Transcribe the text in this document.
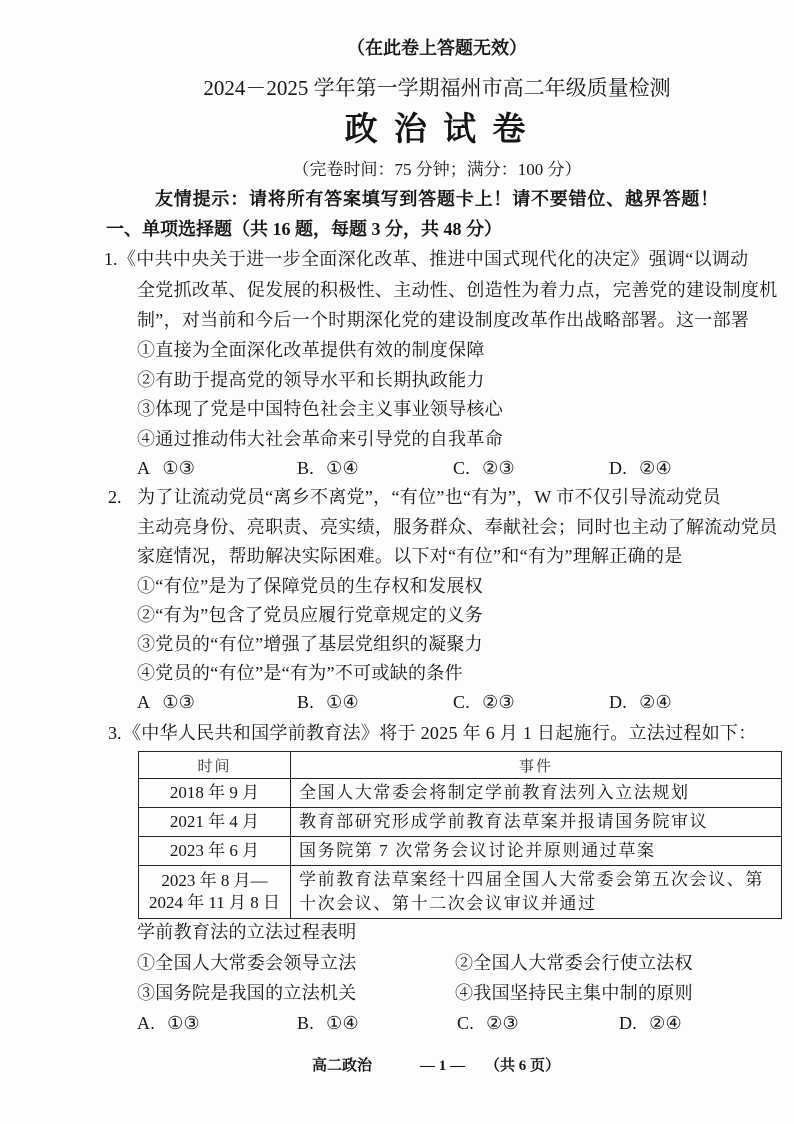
（在此卷上答题无效）
2024－2025 学年第一学期福州市高二年级质量检测
政 治 试 卷
（完卷时间：75 分钟；满分：100 分）
友情提示：请将所有答案填写到答题卡上！请不要错位、越界答题！
一、单项选择题（共 16 题，每题 3 分，共 48 分）
1. 《中共中央关于进一步全面深化改革、推进中国式现代化的决定》强调“以调动
全党抓改革、促发展的积极性、主动性、创造性为着力点，完善党的建设制度机
制”，对当前和今后一个时期深化党的建设制度改革作出战略部署。这一部署
①直接为全面深化改革提供有效的制度保障
②有助于提高党的领导水平和长期执政能力
③体现了党是中国特色社会主义事业领导核心
④通过推动伟大社会革命来引导党的自我革命
A ①③	B. ①④	C. ②③	D. ②④
2. 为了让流动党员“离乡不离党”，“有位”也“有为”，W 市不仅引导流动党员
主动亮身份、亮职责、亮实绩，服务群众、奉献社会；同时也主动了解流动党员
家庭情况，帮助解决实际困难。以下对“有位”和“有为”理解正确的是
①“有位”是为了保障党员的生存权和发展权
②“有为”包含了党员应履行党章规定的义务
③党员的“有位”增强了基层党组织的凝聚力
④党员的“有位”是“有为”不可或缺的条件
A ①③	B. ①④	C. ②③	D. ②④
3. 《中华人民共和国学前教育法》将于 2025 年 6 月 1 日起施行。立法过程如下：
时间	事件
2018 年 9 月	全国人大常委会将制定学前教育法列入立法规划
2021 年 4 月	教育部研究形成学前教育法草案并报请国务院审议
2023 年 6 月	国务院第 7 次常务会议讨论并原则通过草案

2023 年 8 月—
2024 年 11 月 8 日	学前教育法草案经十四届全国人大常委会第五次会议、第十次会议、第十二次会议审议并通过
学前教育法的立法过程表明
①全国人大常委会领导立法	②全国人大常委会行使立法权
③国务院是我国的立法机关	④我国坚持民主集中制的原则
A. ①③	B. ①④	C. ②③	D. ②④
高二政治	— 1 — （共 6 页）
